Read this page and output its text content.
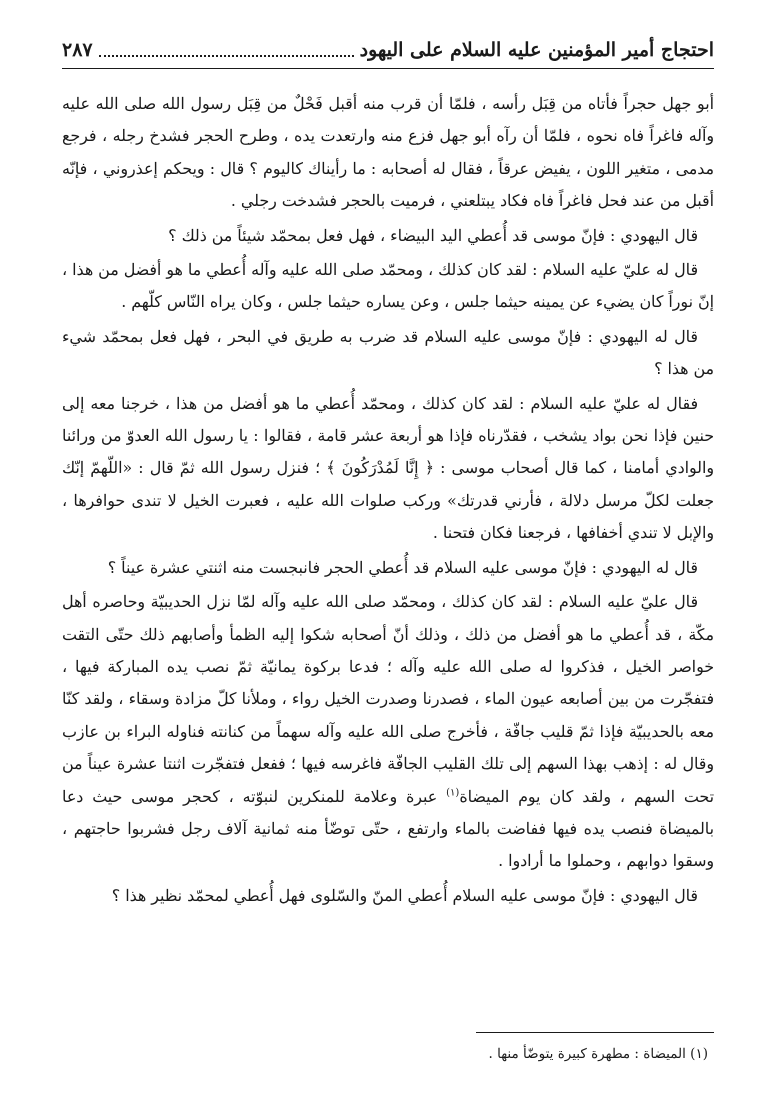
احتجاج أمير المؤمنين عليه السلام على اليهود
٢٨٧

أبو جهل حجراً فأتاه من قِبَل رأسه ، فلمّا أن قرب منه أقبل فَحْلٌ من قِبَل رسول الله صلى الله عليه وآله فاغراً فاه نحوه ، فلمّا أن رآه أبو جهل فزع منه وارتعدت يده ، وطرح الحجر فشدخ رجله ، فرجع مدمى ، متغير اللون ، يفيض عرقاً ، فقال له أصحابه : ما رأيناك كاليوم ؟ قال : ويحكم إعذروني ، فإنّه أقبل من عند فحل فاغراً فاه فكاد يبتلعني ، فرميت بالحجر فشدخت رجلي .

قال اليهودي : فإنّ موسى قد أُعطي اليد البيضاء ، فهل فعل بمحمّد شيئاً من ذلك ؟

قال له عليّ عليه السلام : لقد كان كذلك ، ومحمّد صلى الله عليه وآله أُعطي ما هو أفضل من هذا ، إنّ نوراً كان يضيء عن يمينه حيثما جلس ، وعن يساره حيثما جلس ، وكان يراه النّاس كلّهم .

قال له اليهودي : فإنّ موسى عليه السلام قد ضرب به طريق في البحر ، فهل فعل بمحمّد شيء من هذا ؟

فقال له عليّ عليه السلام : لقد كان كذلك ، ومحمّد أُعطي ما هو أفضل من هذا ، خرجنا معه إلى حنين فإذا نحن بواد يشخب ، فقدّرناه فإذا هو أربعة عشر قامة ، فقالوا : يا رسول الله العدوّ من ورائنا والوادي أمامنا ، كما قال أصحاب موسى : ﴿ إِنَّا لَمُدْرَكُونَ ﴾ ؛ فنزل رسول الله ثمّ قال : «اللّهمّ إنّك جعلت لكلّ مرسل دلالة ، فأرني قدرتك» وركب صلوات الله عليه ، فعبرت الخيل لا تندى حوافرها ، والإبل لا تندي أخفافها ، فرجعنا فكان فتحنا .

قال له اليهودي : فإنّ موسى عليه السلام قد أُعطي الحجر فانبجست منه اثنتي عشرة عيناً ؟

قال عليّ عليه السلام : لقد كان كذلك ، ومحمّد صلى الله عليه وآله لمّا نزل الحديبيّة وحاصره أهل مكّة ، قد أُعطي ما هو أفضل من ذلك ، وذلك أنّ أصحابه شكوا إليه الظمأ وأصابهم ذلك حتّى التقت خواصر الخيل ، فذكروا له صلى الله عليه وآله ؛ فدعا بركوة يمانيّة ثمّ نصب يده المباركة فيها ، فتفجّرت من بين أصابعه عيون الماء ، فصدرنا وصدرت الخيل رواء ، وملأنا كلّ مزادة وسقاء ، ولقد كنّا معه بالحديبيّة فإذا ثمّ قليب جافّة ، فأخرج صلى الله عليه وآله سهماً من كنانته فناوله البراء بن عازب وقال له : إذهب بهذا السهم إلى تلك القليب الجافّة فاغرسه فيها ؛ ففعل فتفجّرت اثنتا عشرة عيناً من تحت السهم ، ولقد كان يوم الميضاة$^{(١)}$ عبرة وعلامة للمنكرين لنبوّته ، كحجر موسى حيث دعا بالميضاة فنصب يده فيها ففاضت بالماء وارتفع ، حتّى توضّأ منه ثمانية آلاف رجل فشربوا حاجتهم ، وسقوا دوابهم ، وحملوا ما أرادوا .

قال اليهودي : فإنّ موسى عليه السلام أُعطي المنّ والسّلوى فهل أُعطي لمحمّد نظير هذا ؟

(١) الميضاة : مطهرة كبيرة يتوضّأ منها .
